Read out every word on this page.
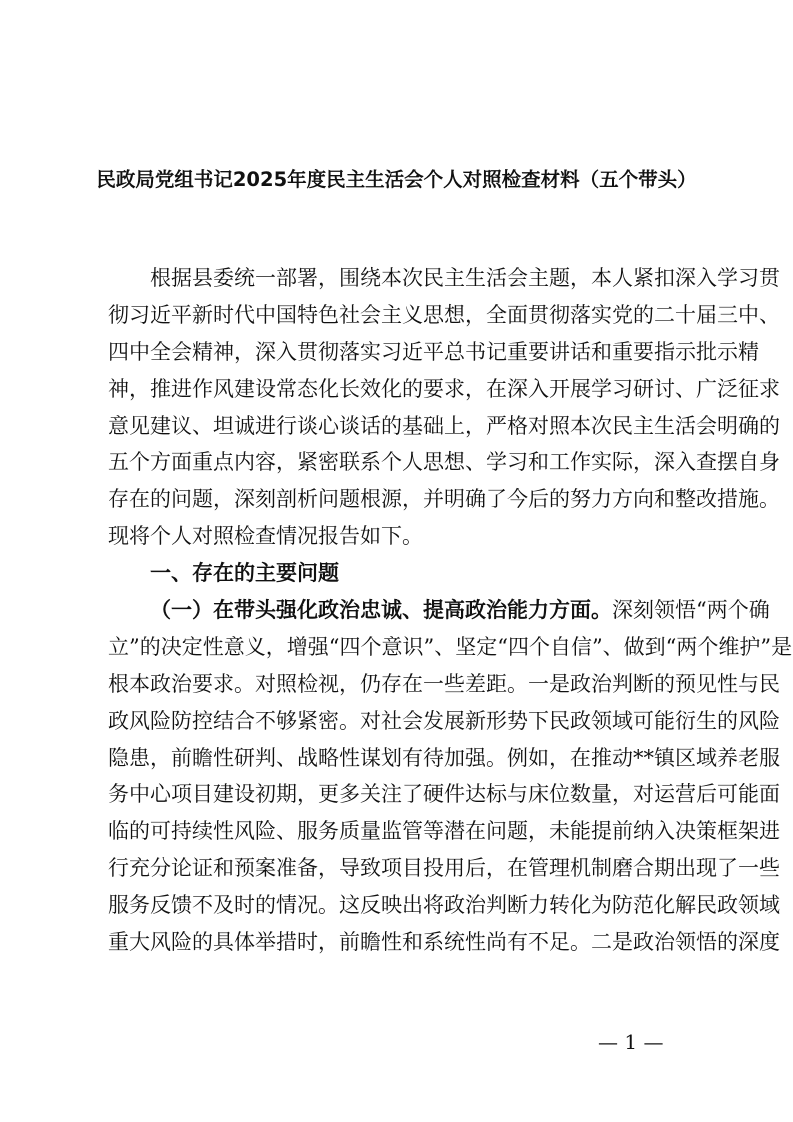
民政局党组书记2025年度民主生活会个人对照检查材料（五个带头）
根据县委统一部署，围绕本次民主生活会主题，本人紧扣深入学习贯
彻习近平新时代中国特色社会主义思想，全面贯彻落实党的二十届三中、
四中全会精神，深入贯彻落实习近平总书记重要讲话和重要指示批示精
神，推进作风建设常态化长效化的要求，在深入开展学习研讨、广泛征求
意见建议、坦诚进行谈心谈话的基础上，严格对照本次民主生活会明确的
五个方面重点内容，紧密联系个人思想、学习和工作实际，深入查摆自身
存在的问题，深刻剖析问题根源，并明确了今后的努力方向和整改措施。
现将个人对照检查情况报告如下。
一、存在的主要问题
（一）在带头强化政治忠诚、提高政治能力方面。深刻领悟“两个确
立”的决定性意义，增强“四个意识”、坚定“四个自信”、做到“两个维护”是
根本政治要求。对照检视，仍存在一些差距。一是政治判断的预见性与民
政风险防控结合不够紧密。对社会发展新形势下民政领域可能衍生的风险
隐患，前瞻性研判、战略性谋划有待加强。例如，在推动**镇区域养老服
务中心项目建设初期，更多关注了硬件达标与床位数量，对运营后可能面
临的可持续性风险、服务质量监管等潜在问题，未能提前纳入决策框架进
行充分论证和预案准备，导致项目投用后，在管理机制磨合期出现了一些
服务反馈不及时的情况。这反映出将政治判断力转化为防范化解民政领域
重大风险的具体举措时，前瞻性和系统性尚有不足。二是政治领悟的深度
— 1 —
